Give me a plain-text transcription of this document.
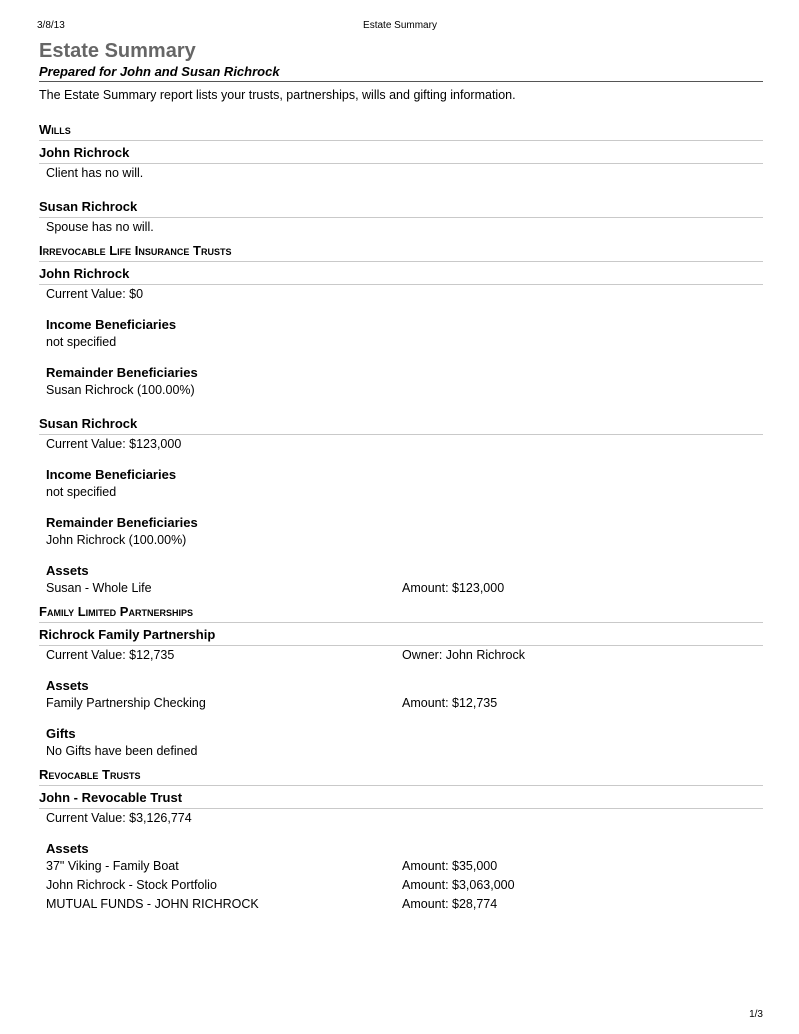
3/8/13	Estate Summary
Estate Summary
Prepared for John and Susan Richrock
The Estate Summary report lists your trusts, partnerships, wills and gifting information.
Wills
John Richrock
Client has no will.
Susan Richrock
Spouse has no will.
Irrevocable Life Insurance Trusts
John Richrock
Current Value: $0
Income Beneficiaries
not specified
Remainder Beneficiaries
Susan Richrock (100.00%)
Susan Richrock
Current Value: $123,000
Income Beneficiaries
not specified
Remainder Beneficiaries
John Richrock (100.00%)
Assets
Susan - Whole Life	Amount: $123,000
Family Limited Partnerships
Richrock Family Partnership
Current Value: $12,735	Owner: John Richrock
Assets
Family Partnership Checking	Amount: $12,735
Gifts
No Gifts have been defined
Revocable Trusts
John - Revocable Trust
Current Value: $3,126,774
Assets
37" Viking - Family Boat	Amount: $35,000
John Richrock - Stock Portfolio	Amount: $3,063,000
MUTUAL FUNDS - JOHN RICHROCK	Amount: $28,774
1/3
